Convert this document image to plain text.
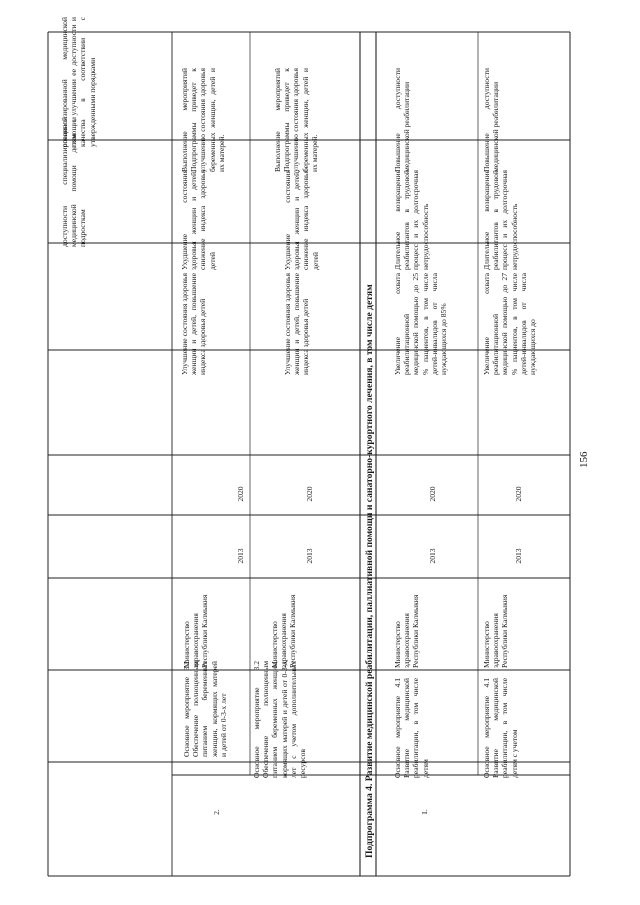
доступности специализированной медицинской помощи детям и подросткам
специализированной медицинской помощи, улучшении ее доступности и качества в соответствии с утвержденными порядками
2.
Основное мероприятие 3.2 Обеспечение полноценным питанием беременных женщин, кормящих матерей и детей от 0-3-х лет
Министерство здравоохранения Республики Калмыкия
2013
2020
Улучшение состояния здоровья женщин и детей, повышение индекса здоровья детей
Ухудшение состояния здоровья женщин и детей, снижение индекса здоровья детей
Выполнение мероприятий Подпрограммы приведет к улучшению состояния здоровья беременных женщин, детей и их матерей.
Основное мероприятие 3.2 Обеспечение полноценным питанием беременных женщин, кормящих матерей и детей от 0-3-х лет с учетом дополнительных ресурсов
Министерство здравоохранения Республики Калмыкия
2013
2020
Улучшение состояния здоровья женщин и детей, повышение индекса здоровья детей
Ухудшение состояния здоровья женщин и детей, снижение индекса здоровья детей
Выполнение мероприятий Подпрограммы приведет к улучшению состояния здоровья беременных женщин, детей и их матерей.
Подпрограмма 4. Развитие медицинской реабилитации, паллиативной помощи и санаторно-курортного лечения, в том числе детям	1.
Основное мероприятие 4.1 Развитие медицинской реабилитации, в том числе детям
Министерство здравоохранения Республики Калмыкия
2013
2020
Увеличение охвата реабилитационной медицинской помощью до 25 % пациентов, в том числе детей-инвалидов от числа нуждающихся до 85%
Длительное возвращение реабилитантов в трудовой процесс и их долгосрочная нетрудоспособность
Повышение доступности медицинской реабилитации
Основное мероприятие 4.1 Развитие медицинской реабилитации, в том числе детям с учетом
Министерство здравоохранения Республики Калмыкия
2013
2020
Увеличение охвата реабилитационной медицинской помощью до 27 % пациентов, в том числе детей-инвалидов от числа нуждающихся до
Длительное возвращение реабилитантов в трудовой процесс и их долгосрочная нетрудоспособность
Повышение доступности медицинской реабилитации
156
